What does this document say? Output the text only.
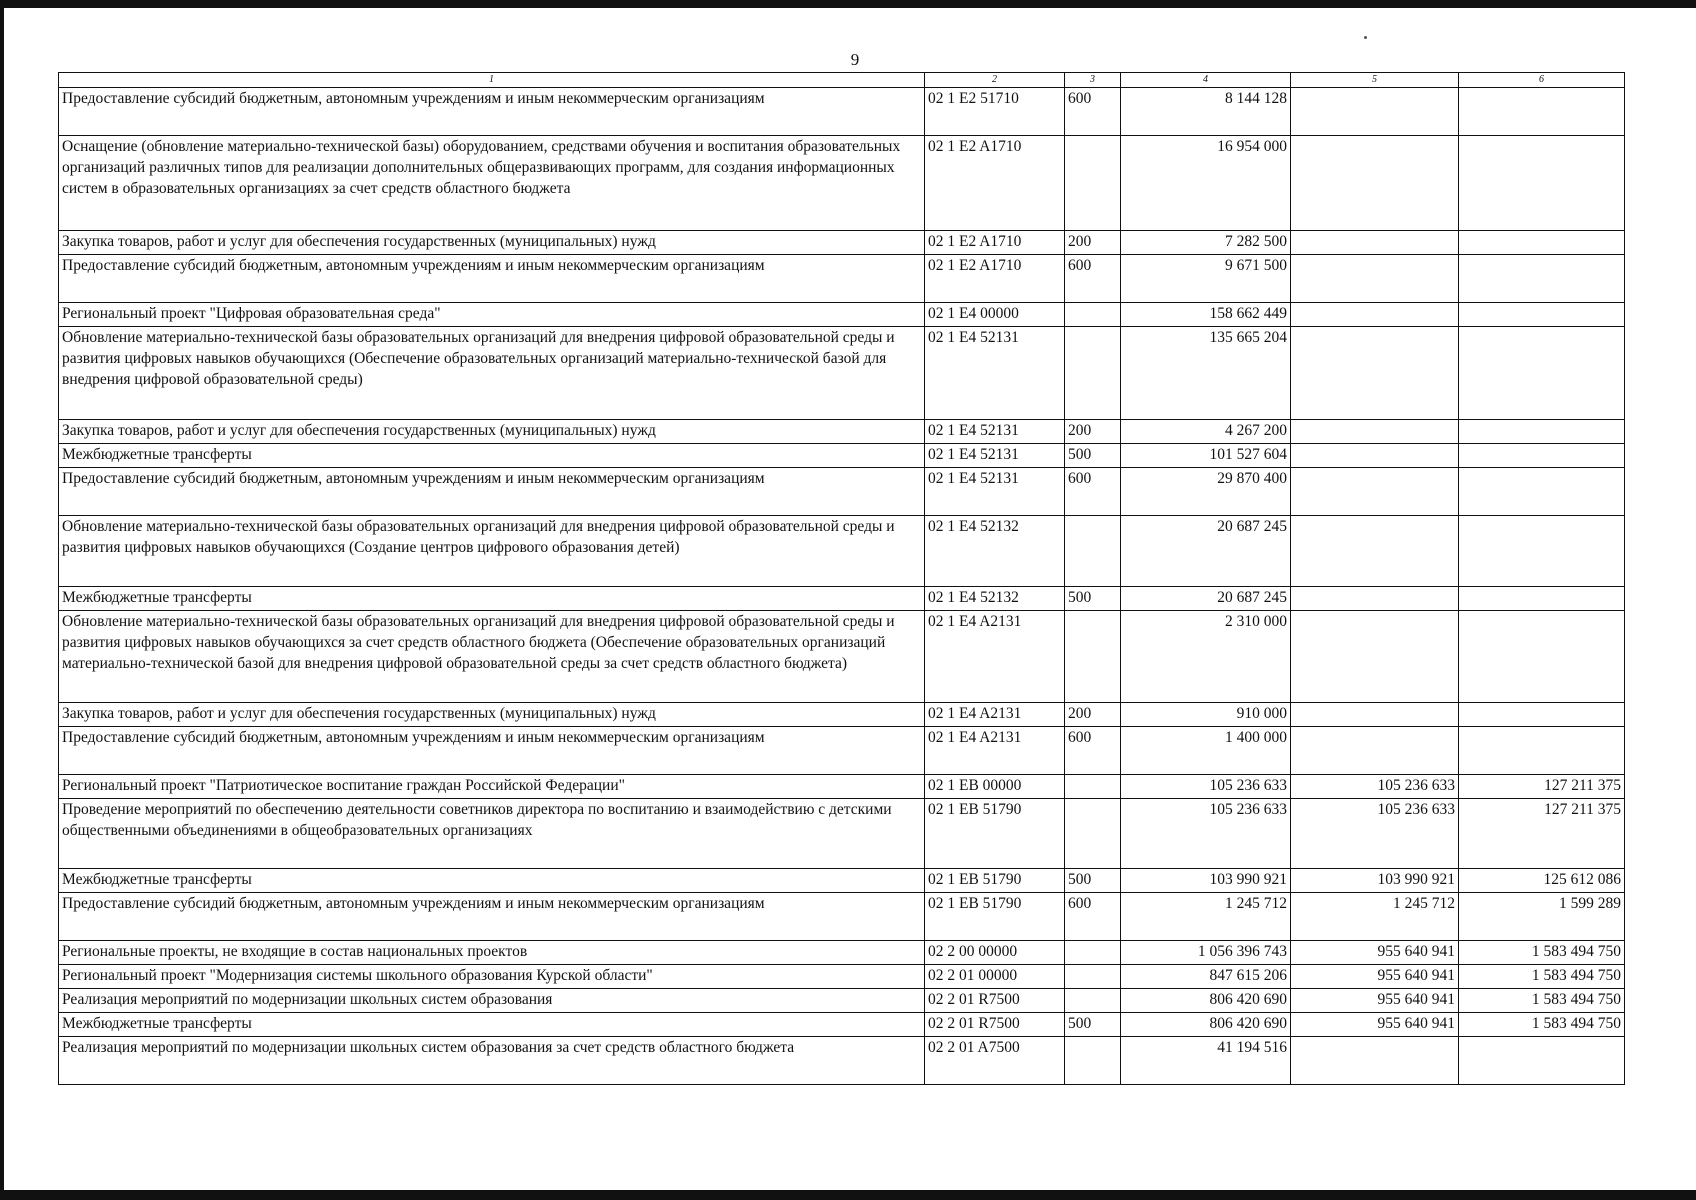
9
1	2	3	4	5	6
Предоставление субсидий бюджетным, автономным учреждениям и иным некоммерческим организациям	02 1 E2 51710	600	8 144 128		
Оснащение (обновление материально-технической базы) оборудованием, средствами обучения и воспитания образовательных организаций различных типов для реализации дополнительных общеразвивающих программ, для создания информационных систем в образовательных организациях за счет средств областного бюджета	02 1 E2 A1710		16 954 000		
Закупка товаров, работ и услуг для обеспечения государственных (муниципальных) нужд	02 1 E2 A1710	200	7 282 500		
Предоставление субсидий бюджетным, автономным учреждениям и иным некоммерческим организациям	02 1 E2 A1710	600	9 671 500		
Региональный проект "Цифровая образовательная среда"	02 1 E4 00000		158 662 449		
Обновление материально-технической базы образовательных организаций для внедрения цифровой образовательной среды и развития цифровых навыков обучающихся (Обеспечение образовательных организаций материально-технической базой для внедрения цифровой образовательной среды)	02 1 E4 52131		135 665 204		
Закупка товаров, работ и услуг для обеспечения государственных (муниципальных) нужд	02 1 E4 52131	200	4 267 200		
Межбюджетные трансферты	02 1 E4 52131	500	101 527 604		
Предоставление субсидий бюджетным, автономным учреждениям и иным некоммерческим организациям	02 1 E4 52131	600	29 870 400		
Обновление материально-технической базы образовательных организаций для внедрения цифровой образовательной среды и развития цифровых навыков обучающихся (Создание центров цифрового образования детей)	02 1 E4 52132		20 687 245		
Межбюджетные трансферты	02 1 E4 52132	500	20 687 245		
Обновление материально-технической базы образовательных организаций для внедрения цифровой образовательной среды и развития цифровых навыков обучающихся за счет средств областного бюджета (Обеспечение образовательных организаций материально-технической базой для внедрения цифровой образовательной среды за счет средств областного бюджета)	02 1 E4 A2131		2 310 000		
Закупка товаров, работ и услуг для обеспечения государственных (муниципальных) нужд	02 1 E4 A2131	200	910 000		
Предоставление субсидий бюджетным, автономным учреждениям и иным некоммерческим организациям	02 1 E4 A2131	600	1 400 000		
Региональный проект "Патриотическое воспитание граждан Российской Федерации"	02 1 EB 00000		105 236 633	105 236 633	127 211 375
Проведение мероприятий по обеспечению деятельности советников директора по воспитанию и взаимодействию с детскими общественными объединениями в общеобразовательных организациях	02 1 EB 51790		105 236 633	105 236 633	127 211 375
Межбюджетные трансферты	02 1 EB 51790	500	103 990 921	103 990 921	125 612 086
Предоставление субсидий бюджетным, автономным учреждениям и иным некоммерческим организациям	02 1 EB 51790	600	1 245 712	1 245 712	1 599 289
Региональные проекты, не входящие в состав национальных проектов	02 2 00 00000		1 056 396 743	955 640 941	1 583 494 750
Региональный проект "Модернизация системы школьного образования Курской области"	02 2 01 00000		847 615 206	955 640 941	1 583 494 750
Реализация мероприятий по модернизации школьных систем образования	02 2 01 R7500		806 420 690	955 640 941	1 583 494 750
Межбюджетные трансферты	02 2 01 R7500	500	806 420 690	955 640 941	1 583 494 750
Реализация мероприятий по модернизации школьных систем образования за счет средств областного бюджета	02 2 01 A7500		41 194 516		
